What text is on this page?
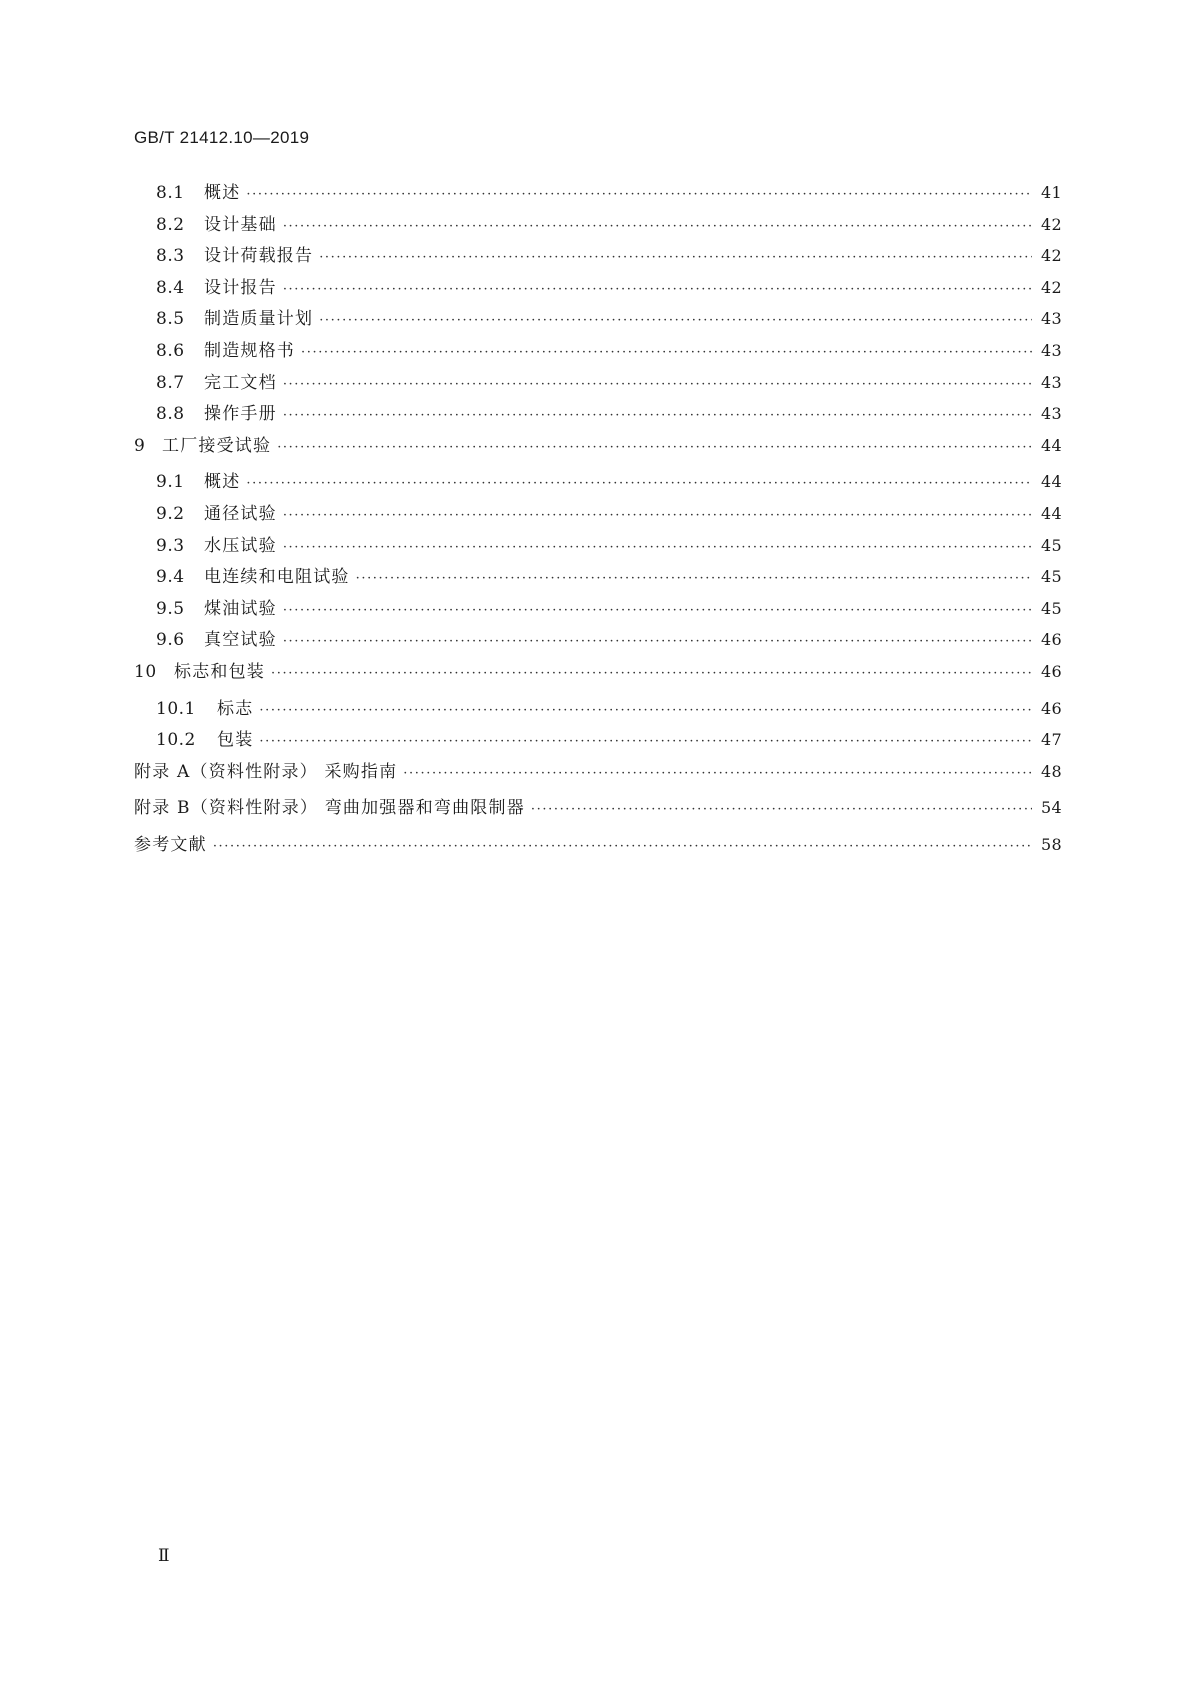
GB/T 21412.10—2019
8.1	概述 ·····	41
8.2	设计基础 ·····	42
8.3	设计荷载报告 ·····	42
8.4	设计报告 ·····	42
8.5	制造质量计划 ·····	43
8.6	制造规格书 ·····	43
8.7	完工文档 ·····	43
8.8	操作手册 ·····	43
9 工厂接受试验 ·····	44
9.1	概述 ·····	44
9.2	通径试验 ·····	44
9.3	水压试验 ·····	45
9.4	电连续和电阻试验 ·····	45
9.5	煤油试验 ·····	45
9.6	真空试验 ·····	46
10	标志和包装 ·····	46
10.1	标志 ·····	46
10.2	包装 ·····	47
附录 A（资料性附录） 采购指南 ·····	48
附录 B（资料性附录） 弯曲加强器和弯曲限制器 ·····	54
参考文献 ·····	58
Ⅱ
